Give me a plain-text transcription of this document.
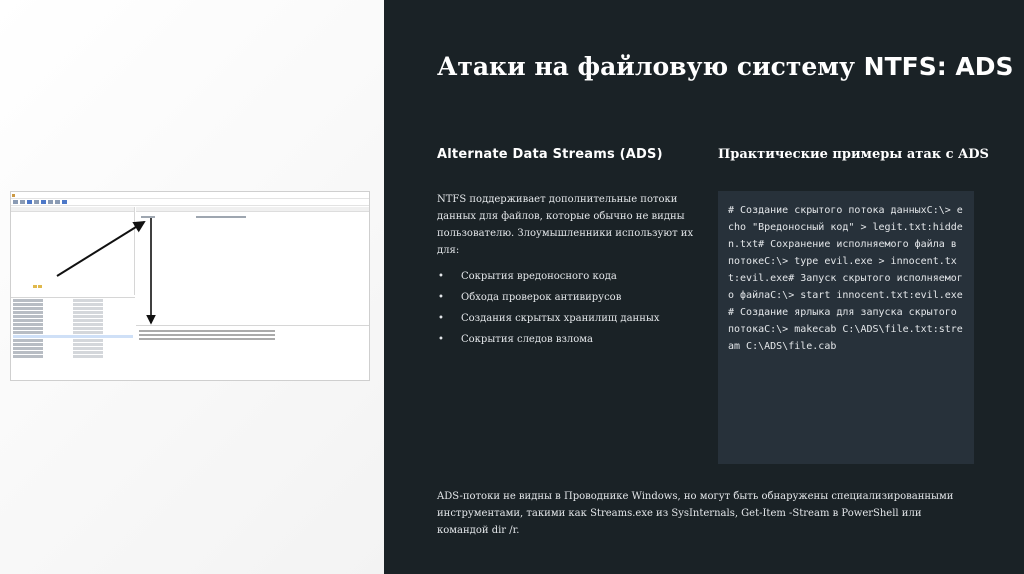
Атаки на файловую систему NTFS: ADS
Alternate Data Streams (ADS)	Практические примеры атак с ADS

NTFS поддерживает дополнительные потоки данных для файлов, которые обычно не видны пользователю. Злоумышленники используют их для:

• Сокрытия вредоносного кода
• Обхода проверок антивирусов
• Создания скрытых хранилищ данных
• Сокрытия следов взлома
# Создание скрытого потока данныхC:\> echo "Вредоносный код" > legit.txt:hidden.txt# Сохранение исполняемого файла в потокеC:\> type evil.exe > innocent.txt:evil.exe# Запуск скрытого исполняемого файлаC:\> start innocent.txt:evil.exe# Создание ярлыка для запуска скрытого потокаC:\> makecab C:\ADS\file.txt:stream C:\ADS\file.cab

ADS-потоки не видны в Проводнике Windows, но могут быть обнаружены специализированными инструментами, такими как Streams.exe из SysInternals, Get-Item -Stream в PowerShell или командой dir /r.
